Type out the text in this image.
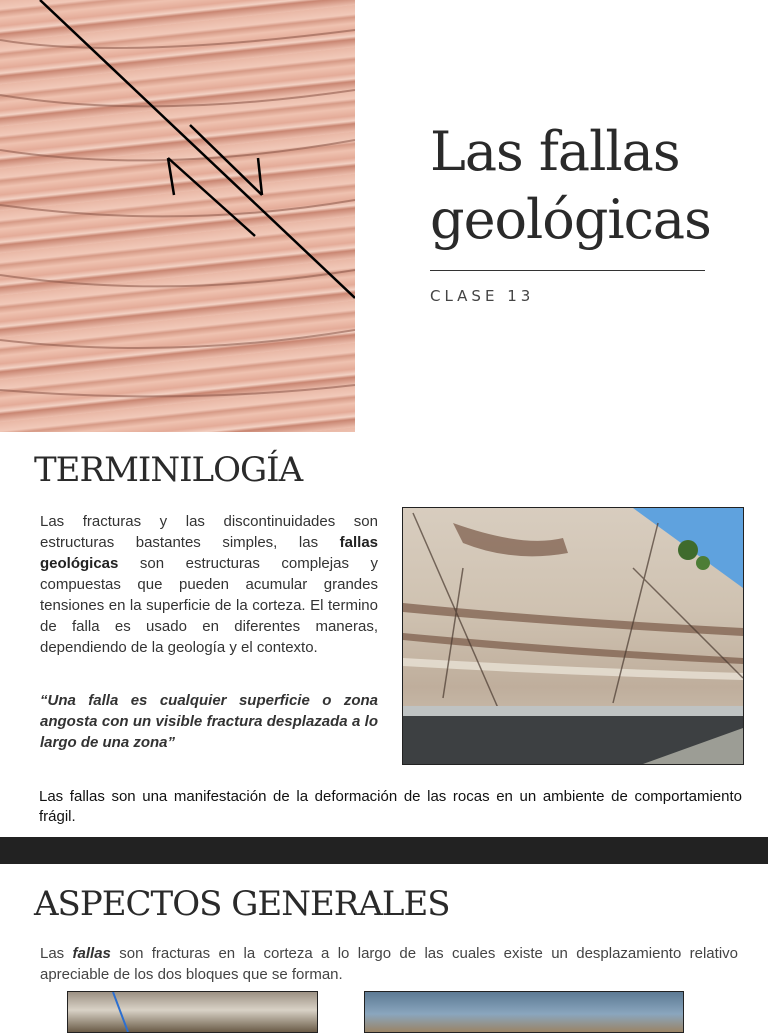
Las fallas
geológicas
CLASE 13
TERMINILOGÍA
Las fracturas y las discontinuidades son estructuras bastantes simples, las fallas geológicas son estructuras complejas y compuestas que pueden acumular grandes tensiones en la superficie de la corteza. El termino de falla es usado en diferentes maneras, dependiendo de la geología y el contexto.
“Una falla es cualquier superficie o zona angosta con un visible fractura desplazada a lo largo de una zona”
Las fallas son una manifestación de la deformación de las rocas en un ambiente de comportamiento frágil.
ASPECTOS GENERALES
Las fallas son fracturas en la corteza a lo largo de las cuales existe un desplazamiento relativo apreciable de los dos bloques que se forman.
